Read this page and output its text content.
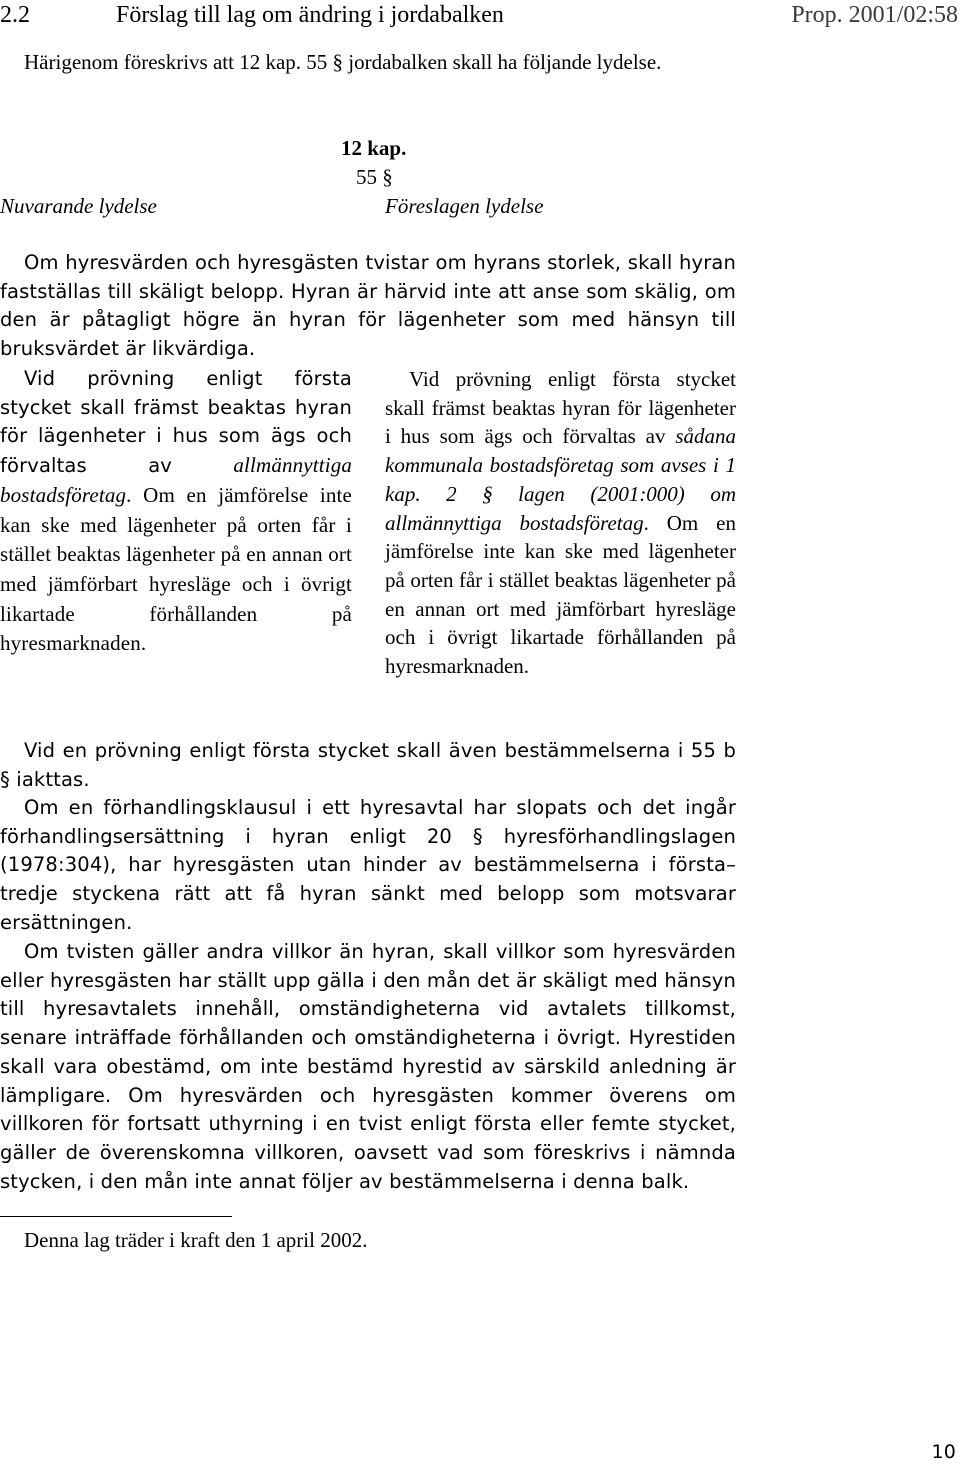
2.2	Förslag till lag om ändring i jordabalken	Prop. 2001/02:58

Härigenom föreskrivs att 12 kap. 55 § jordabalken skall ha följande lydelse.

12 kap.
55 §
Nuvarande lydelse	Föreslagen lydelse

Om hyresvärden och hyresgästen tvistar om hyrans storlek, skall hyran fastställas till skäligt belopp. Hyran är härvid inte att anse som skälig, om den är påtagligt högre än hyran för lägenheter som med hänsyn till bruksvärdet är likvärdiga.

Vid prövning enligt första stycket skall främst beaktas hyran för lägenheter i hus som ägs och förvaltas av allmännyttiga bostadsföretag. Om en jämförelse inte kan ske med lägenheter på orten får i stället beaktas lägenheter på en annan ort med jämförbart hyresläge och i övrigt likartade förhållanden på hyresmarknaden.

Vid prövning enligt första stycket skall främst beaktas hyran för lägenheter i hus som ägs och förvaltas av sådana kommunala bostadsföretag som avses i 1 kap. 2 § lagen (2001:000) om allmännyttiga bostadsföretag. Om en jämförelse inte kan ske med lägenheter på orten får i stället beaktas lägenheter på en annan ort med jämförbart hyresläge och i övrigt likartade förhållanden på hyresmarknaden.

Vid en prövning enligt första stycket skall även bestämmelserna i 55 b § iakttas.

Om en förhandlingsklausul i ett hyresavtal har slopats och det ingår förhandlingsersättning i hyran enligt 20 § hyresförhandlingslagen (1978:304), har hyresgästen utan hinder av bestämmelserna i första–tredje styckena rätt att få hyran sänkt med belopp som motsvarar ersättningen.

Om tvisten gäller andra villkor än hyran, skall villkor som hyresvärden eller hyresgästen har ställt upp gälla i den mån det är skäligt med hänsyn till hyresavtalets innehåll, omständigheterna vid avtalets tillkomst, senare inträffade förhållanden och omständigheterna i övrigt. Hyrestiden skall vara obestämd, om inte bestämd hyrestid av särskild anledning är lämpligare. Om hyresvärden och hyresgästen kommer överens om villkoren för fortsatt uthyrning i en tvist enligt första eller femte stycket, gäller de överenskomna villkoren, oavsett vad som föreskrivs i nämnda stycken, i den mån inte annat följer av bestämmelserna i denna balk.

Denna lag träder i kraft den 1 april 2002.
10
